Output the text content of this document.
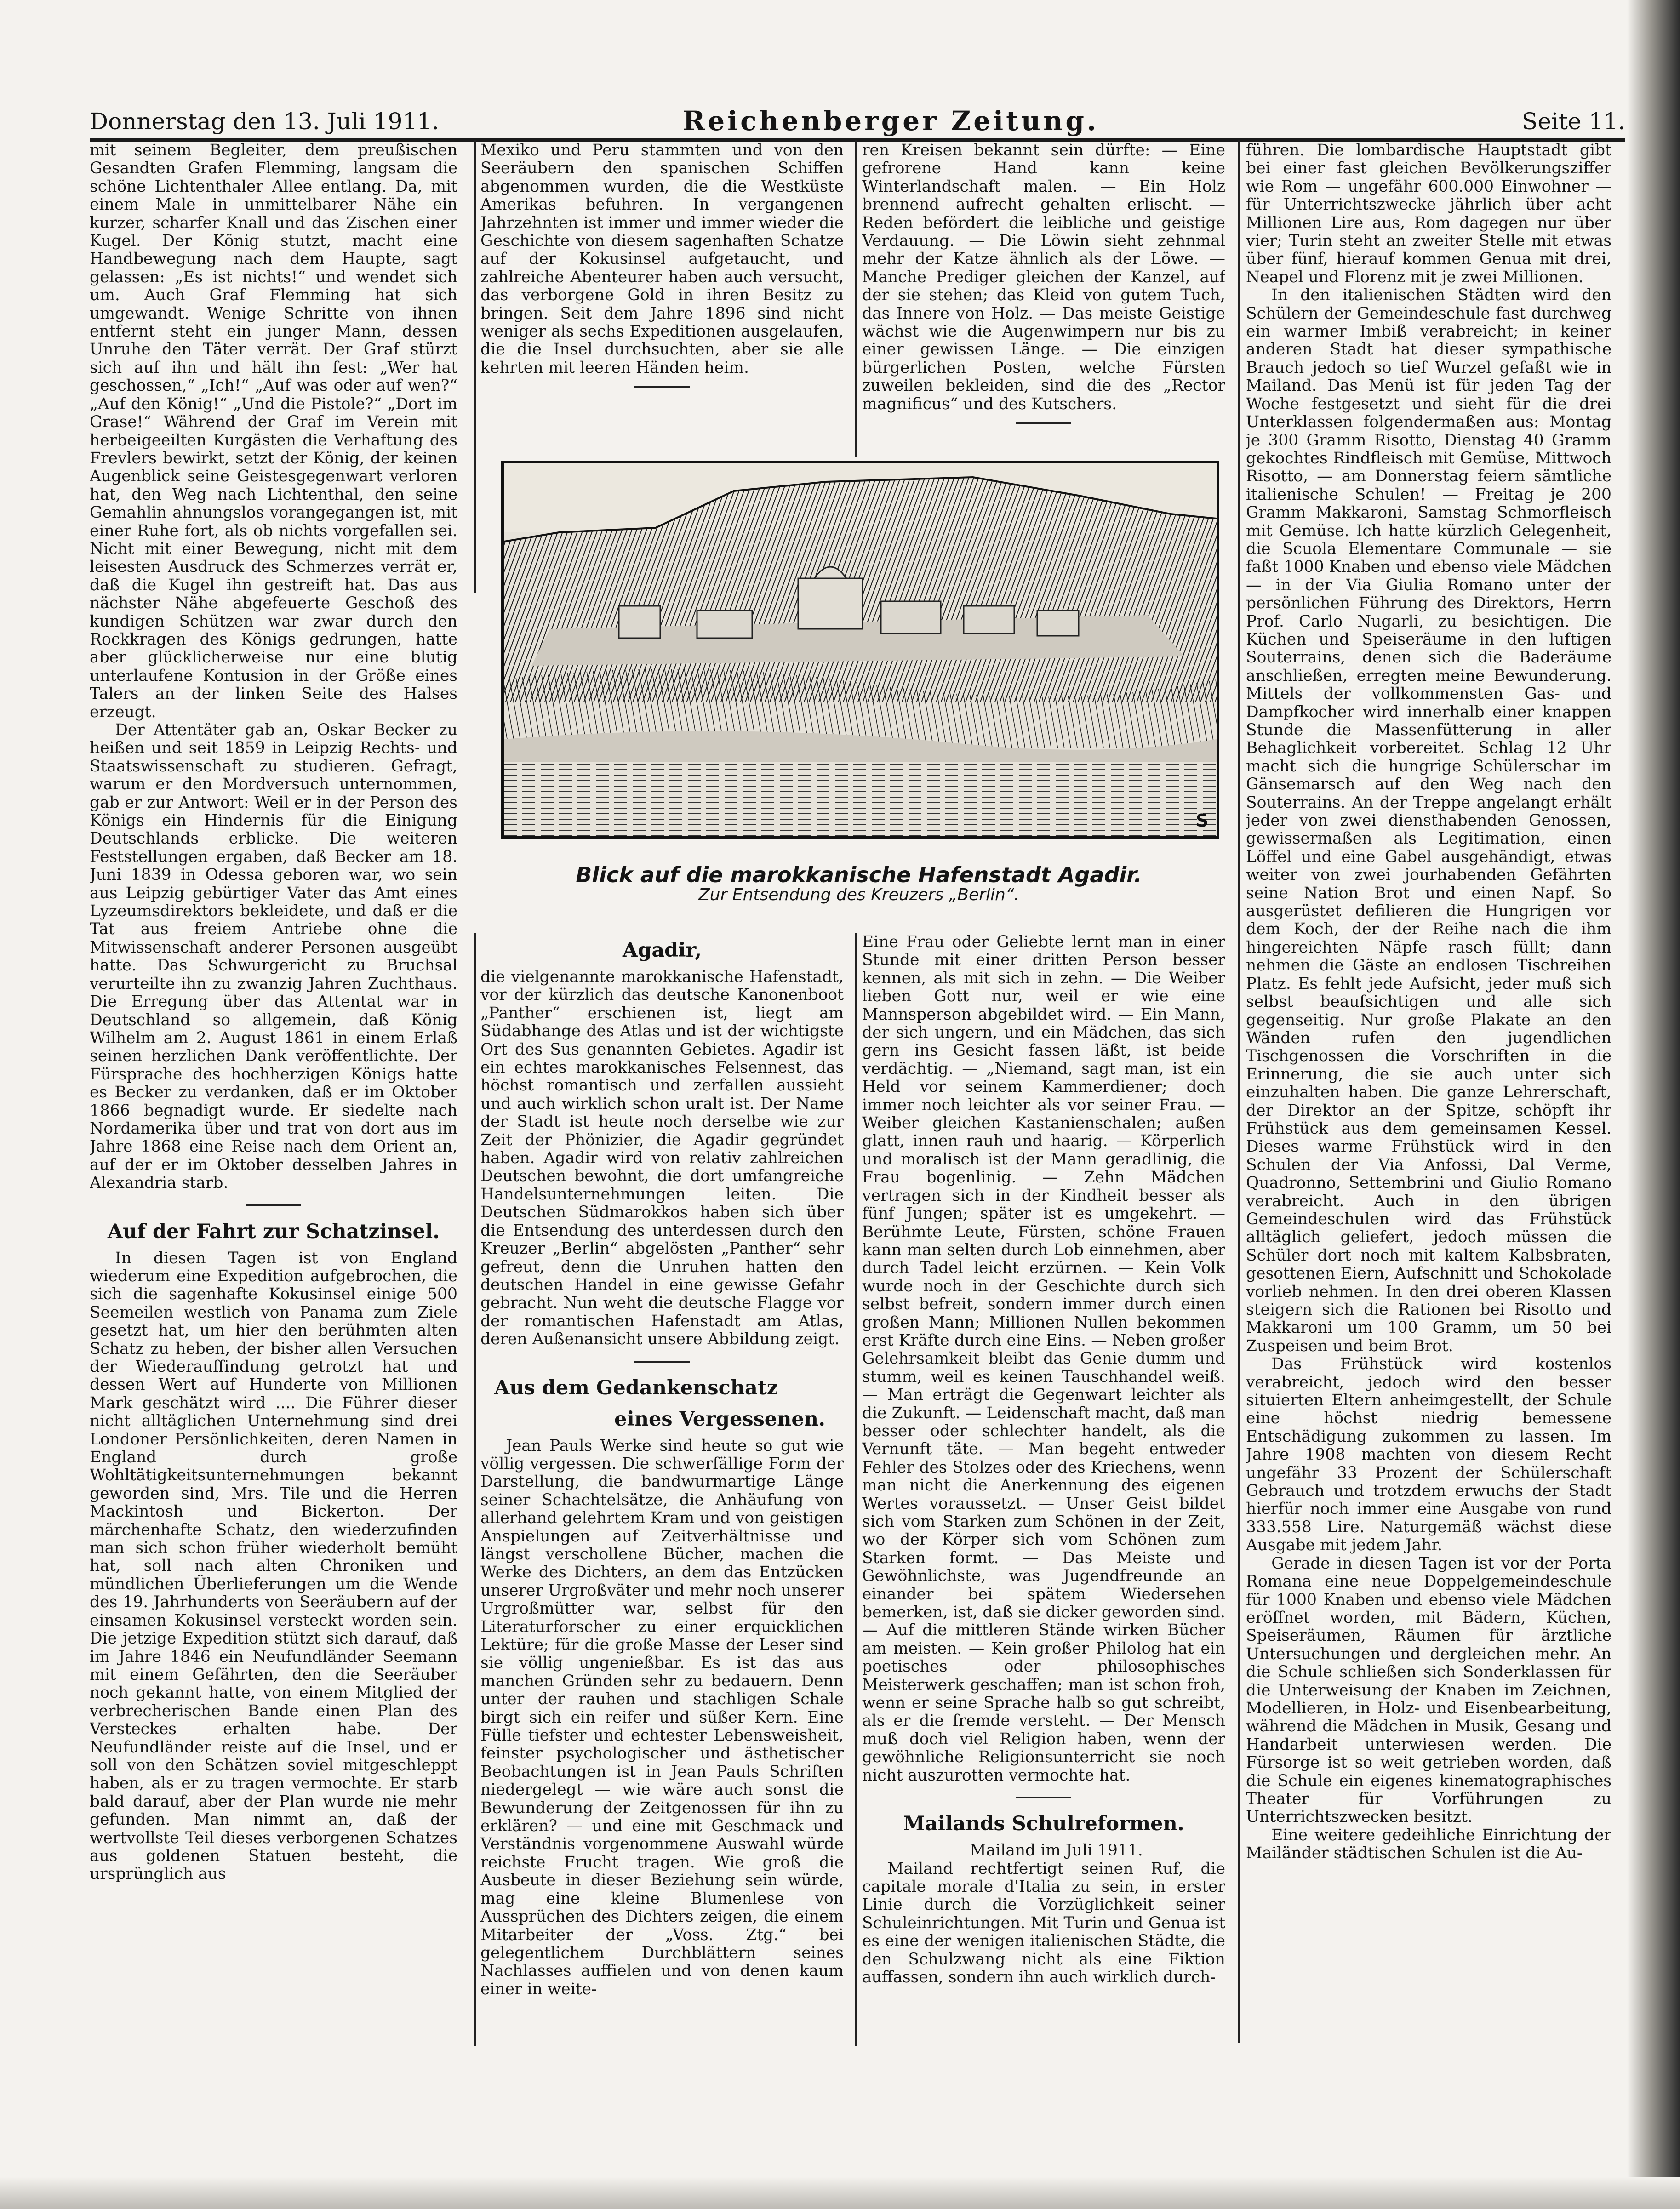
Donnerstag den 13. Juli 1911.	Reichenberger Zeitung.	Seite 11.

mit seinem Begleiter, dem preußischen Gesandten Grafen Flemming, langsam die schöne Lichtenthaler Allee entlang. Da, mit einem Male in unmittelbarer Nähe ein kurzer, scharfer Knall und das Zischen einer Kugel. Der König stutzt, macht eine Handbewegung nach dem Haupte, sagt gelassen: „Es ist nichts!“ und wendet sich um. Auch Graf Flemming hat sich umgewandt. Wenige Schritte von ihnen entfernt steht ein junger Mann, dessen Unruhe den Täter verrät. Der Graf stürzt sich auf ihn und hält ihn fest: „Wer hat geschossen,“ „Ich!“ „Auf was oder auf wen?“ „Auf den König!“ „Und die Pistole?“ „Dort im Grase!“ Während der Graf im Verein mit herbeigeeilten Kurgästen die Verhaftung des Frevlers bewirkt, setzt der König, der keinen Augenblick seine Geistesgegenwart verloren hat, den Weg nach Lichtenthal, den seine Gemahlin ahnungslos vorangegangen ist, mit einer Ruhe fort, als ob nichts vorgefallen sei. Nicht mit einer Bewegung, nicht mit dem leisesten Ausdruck des Schmerzes verrät er, daß die Kugel ihn gestreift hat. Das aus nächster Nähe abgefeuerte Geschoß des kundigen Schützen war zwar durch den Rockkragen des Königs gedrungen, hatte aber glücklicherweise nur eine blutig unterlaufene Kontusion in der Größe eines Talers an der linken Seite des Halses erzeugt.

Der Attentäter gab an, Oskar Becker zu heißen und seit 1859 in Leipzig Rechts- und Staatswissenschaft zu studieren. Gefragt, warum er den Mordversuch unternommen, gab er zur Antwort: Weil er in der Person des Königs ein Hindernis für die Einigung Deutschlands erblicke. Die weiteren Feststellungen ergaben, daß Becker am 18. Juni 1839 in Odessa geboren war, wo sein aus Leipzig gebürtiger Vater das Amt eines Lyzeumsdirektors bekleidete, und daß er die Tat aus freiem Antriebe ohne die Mitwissenschaft anderer Personen ausgeübt hatte. Das Schwurgericht zu Bruchsal verurteilte ihn zu zwanzig Jahren Zuchthaus. Die Erregung über das Attentat war in Deutschland so allgemein, daß König Wilhelm am 2. August 1861 in einem Erlaß seinen herzlichen Dank veröffentlichte. Der Fürsprache des hochherzigen Königs hatte es Becker zu verdanken, daß er im Oktober 1866 begnadigt wurde. Er siedelte nach Nordamerika über und trat von dort aus im Jahre 1868 eine Reise nach dem Orient an, auf der er im Oktober desselben Jahres in Alexandria starb.

Auf der Fahrt zur Schatzinsel.

In diesen Tagen ist von England wiederum eine Expedition aufgebrochen, die sich die sagenhafte Kokusinsel einige 500 Seemeilen westlich von Panama zum Ziele gesetzt hat, um hier den berühmten alten Schatz zu heben, der bisher allen Versuchen der Wiederauffindung getrotzt hat und dessen Wert auf Hunderte von Millionen Mark geschätzt wird .... Die Führer dieser nicht alltäglichen Unternehmung sind drei Londoner Persönlichkeiten, deren Namen in England durch große Wohltätigkeitsunternehmungen bekannt geworden sind, Mrs. Tile und die Herren Mackintosh und Bickerton. Der märchenhafte Schatz, den wiederzufinden man sich schon früher wiederholt bemüht hat, soll nach alten Chroniken und mündlichen Überlieferungen um die Wende des 19. Jahrhunderts von Seeräubern auf der einsamen Kokusinsel versteckt worden sein. Die jetzige Expedition stützt sich darauf, daß im Jahre 1846 ein Neufundländer Seemann mit einem Gefährten, den die Seeräuber noch gekannt hatte, von einem Mitglied der verbrecherischen Bande einen Plan des Versteckes erhalten habe. Der Neufundländer reiste auf die Insel, und er soll von den Schätzen soviel mitgeschleppt haben, als er zu tragen vermochte. Er starb bald darauf, aber der Plan wurde nie mehr gefunden. Man nimmt an, daß der wertvollste Teil dieses verborgenen Schatzes aus goldenen Statuen besteht, die ursprünglich aus

Mexiko und Peru stammten und von den Seeräubern den spanischen Schiffen abgenommen wurden, die die Westküste Amerikas befuhren. In vergangenen Jahrzehnten ist immer und immer wieder die Geschichte von diesem sagenhaften Schatze auf der Kokusinsel aufgetaucht, und zahlreiche Abenteurer haben auch versucht, das verborgene Gold in ihren Besitz zu bringen. Seit dem Jahre 1896 sind nicht weniger als sechs Expeditionen ausgelaufen, die die Insel durchsuchten, aber sie alle kehrten mit leeren Händen heim.

ren Kreisen bekannt sein dürfte: — Eine gefrorene Hand kann keine Winterlandschaft malen. — Ein Holz brennend aufrecht gehalten erlischt. — Reden befördert die leibliche und geistige Verdauung. — Die Löwin sieht zehnmal mehr der Katze ähnlich als der Löwe. — Manche Prediger gleichen der Kanzel, auf der sie stehen; das Kleid von gutem Tuch, das Innere von Holz. — Das meiste Geistige wächst wie die Augenwimpern nur bis zu einer gewissen Länge. — Die einzigen bürgerlichen Posten, welche Fürsten zuweilen bekleiden, sind die des „Rector magnificus“ und des Kutschers.

S
Blick auf die marokkanische Hafenstadt Agadir.
Zur Entsendung des Kreuzers „Berlin“.
Agadir,

die vielgenannte marokkanische Hafenstadt, vor der kürzlich das deutsche Kanonenboot „Panther“ erschienen ist, liegt am Südabhange des Atlas und ist der wichtigste Ort des Sus genannten Gebietes. Agadir ist ein echtes marokkanisches Felsennest, das höchst romantisch und zerfallen aussieht und auch wirklich schon uralt ist. Der Name der Stadt ist heute noch derselbe wie zur Zeit der Phönizier, die Agadir gegründet haben. Agadir wird von relativ zahlreichen Deutschen bewohnt, die dort umfangreiche Handelsunternehmungen leiten. Die Deutschen Südmarokkos haben sich über die Entsendung des unterdessen durch den Kreuzer „Berlin“ abgelösten „Panther“ sehr gefreut, denn die Unruhen hatten den deutschen Handel in eine gewisse Gefahr gebracht. Nun weht die deutsche Flagge vor der romantischen Hafenstadt am Atlas, deren Außenansicht unsere Abbildung zeigt.

Aus dem Gedankenschatz
eines Vergessenen.

Jean Pauls Werke sind heute so gut wie völlig vergessen. Die schwerfällige Form der Darstellung, die bandwurmartige Länge seiner Schachtelsätze, die Anhäufung von allerhand gelehrtem Kram und von geistigen Anspielungen auf Zeitverhältnisse und längst verschollene Bücher, machen die Werke des Dichters, an dem das Entzücken unserer Urgroßväter und mehr noch unserer Urgroßmütter war, selbst für den Literaturforscher zu einer erquicklichen Lektüre; für die große Masse der Leser sind sie völlig ungenießbar. Es ist das aus manchen Gründen sehr zu bedauern. Denn unter der rauhen und stachligen Schale birgt sich ein reifer und süßer Kern. Eine Fülle tiefster und echtester Lebensweisheit, feinster psychologischer und ästhetischer Beobachtungen ist in Jean Pauls Schriften niedergelegt — wie wäre auch sonst die Bewunderung der Zeitgenossen für ihn zu erklären? — und eine mit Geschmack und Verständnis vorgenommene Auswahl würde reichste Frucht tragen. Wie groß die Ausbeute in dieser Beziehung sein würde, mag eine kleine Blumenlese von Aussprüchen des Dichters zeigen, die einem Mitarbeiter der „Voss. Ztg.“ bei gelegentlichem Durchblättern seines Nachlasses auffielen und von denen kaum einer in weite-

Eine Frau oder Geliebte lernt man in einer Stunde mit einer dritten Person besser kennen, als mit sich in zehn. — Die Weiber lieben Gott nur, weil er wie eine Mannsperson abgebildet wird. — Ein Mann, der sich ungern, und ein Mädchen, das sich gern ins Gesicht fassen läßt, ist beide verdächtig. — „Niemand, sagt man, ist ein Held vor seinem Kammerdiener; doch immer noch leichter als vor seiner Frau. — Weiber gleichen Kastanienschalen; außen glatt, innen rauh und haarig. — Körperlich und moralisch ist der Mann geradlinig, die Frau bogenlinig. — Zehn Mädchen vertragen sich in der Kindheit besser als fünf Jungen; später ist es umgekehrt. — Berühmte Leute, Fürsten, schöne Frauen kann man selten durch Lob einnehmen, aber durch Tadel leicht erzürnen. — Kein Volk wurde noch in der Geschichte durch sich selbst befreit, sondern immer durch einen großen Mann; Millionen Nullen bekommen erst Kräfte durch eine Eins. — Neben großer Gelehrsamkeit bleibt das Genie dumm und stumm, weil es keinen Tauschhandel weiß. — Man erträgt die Gegenwart leichter als die Zukunft. — Leidenschaft macht, daß man besser oder schlechter handelt, als die Vernunft täte. — Man begeht entweder Fehler des Stolzes oder des Kriechens, wenn man nicht die Anerkennung des eigenen Wertes voraussetzt. — Unser Geist bildet sich vom Starken zum Schönen in der Zeit, wo der Körper sich vom Schönen zum Starken formt. — Das Meiste und Gewöhnlichste, was Jugendfreunde an einander bei spätem Wiedersehen bemerken, ist, daß sie dicker geworden sind. — Auf die mittleren Stände wirken Bücher am meisten. — Kein großer Philolog hat ein poetisches oder philosophisches Meisterwerk geschaffen; man ist schon froh, wenn er seine Sprache halb so gut schreibt, als er die fremde versteht. — Der Mensch muß doch viel Religion haben, wenn der gewöhnliche Religionsunterricht sie noch nicht auszurotten vermochte hat.

Mailands Schulreformen.

Mailand im Juli 1911.

Mailand rechtfertigt seinen Ruf, die capitale morale d'Italia zu sein, in erster Linie durch die Vorzüglichkeit seiner Schuleinrichtungen. Mit Turin und Genua ist es eine der wenigen italienischen Städte, die den Schulzwang nicht als eine Fiktion auffassen, sondern ihn auch wirklich durch-

führen. Die lombardische Hauptstadt gibt bei einer fast gleichen Bevölkerungsziffer wie Rom — ungefähr 600.000 Einwohner — für Unterrichtszwecke jährlich über acht Millionen Lire aus, Rom dagegen nur über vier; Turin steht an zweiter Stelle mit etwas über fünf, hierauf kommen Genua mit drei, Neapel und Florenz mit je zwei Millionen.

In den italienischen Städten wird den Schülern der Gemeindeschule fast durchweg ein warmer Imbiß verabreicht; in keiner anderen Stadt hat dieser sympathische Brauch jedoch so tief Wurzel gefaßt wie in Mailand. Das Menü ist für jeden Tag der Woche festgesetzt und sieht für die drei Unterklassen folgendermaßen aus: Montag je 300 Gramm Risotto, Dienstag 40 Gramm gekochtes Rindfleisch mit Gemüse, Mittwoch Risotto, — am Donnerstag feiern sämtliche italienische Schulen! — Freitag je 200 Gramm Makkaroni, Samstag Schmorfleisch mit Gemüse. Ich hatte kürzlich Gelegenheit, die Scuola Elementare Communale — sie faßt 1000 Knaben und ebenso viele Mädchen — in der Via Giulia Romano unter der persönlichen Führung des Direktors, Herrn Prof. Carlo Nugarli, zu besichtigen. Die Küchen und Speiseräume in den luftigen Souterrains, denen sich die Baderäume anschließen, erregten meine Bewunderung. Mittels der vollkommensten Gas- und Dampfkocher wird innerhalb einer knappen Stunde die Massenfütterung in aller Behaglichkeit vorbereitet. Schlag 12 Uhr macht sich die hungrige Schülerschar im Gänsemarsch auf den Weg nach den Souterrains. An der Treppe angelangt erhält jeder von zwei diensthabenden Genossen, gewissermaßen als Legitimation, einen Löffel und eine Gabel ausgehändigt, etwas weiter von zwei jourhabenden Gefährten seine Nation Brot und einen Napf. So ausgerüstet defilieren die Hungrigen vor dem Koch, der der Reihe nach die ihm hingereichten Näpfe rasch füllt; dann nehmen die Gäste an endlosen Tischreihen Platz. Es fehlt jede Aufsicht, jeder muß sich selbst beaufsichtigen und alle sich gegenseitig. Nur große Plakate an den Wänden rufen den jugendlichen Tischgenossen die Vorschriften in die Erinnerung, die sie auch unter sich einzuhalten haben. Die ganze Lehrerschaft, der Direktor an der Spitze, schöpft ihr Frühstück aus dem gemeinsamen Kessel. Dieses warme Frühstück wird in den Schulen der Via Anfossi, Dal Verme, Quadronno, Settembrini und Giulio Romano verabreicht. Auch in den übrigen Gemeindeschulen wird das Frühstück alltäglich geliefert, jedoch müssen die Schüler dort noch mit kaltem Kalbsbraten, gesottenen Eiern, Aufschnitt und Schokolade vorlieb nehmen. In den drei oberen Klassen steigern sich die Rationen bei Risotto und Makkaroni um 100 Gramm, um 50 bei Zuspeisen und beim Brot.

Das Frühstück wird kostenlos verabreicht, jedoch wird den besser situierten Eltern anheimgestellt, der Schule eine höchst niedrig bemessene Entschädigung zukommen zu lassen. Im Jahre 1908 machten von diesem Recht ungefähr 33 Prozent der Schülerschaft Gebrauch und trotzdem erwuchs der Stadt hierfür noch immer eine Ausgabe von rund 333.558 Lire. Naturgemäß wächst diese Ausgabe mit jedem Jahr.

Gerade in diesen Tagen ist vor der Porta Romana eine neue Doppelgemeindeschule für 1000 Knaben und ebenso viele Mädchen eröffnet worden, mit Bädern, Küchen, Speiseräumen, Räumen für ärztliche Untersuchungen und dergleichen mehr. An die Schule schließen sich Sonderklassen für die Unterweisung der Knaben im Zeichnen, Modellieren, in Holz- und Eisenbearbeitung, während die Mädchen in Musik, Gesang und Handarbeit unterwiesen werden. Die Fürsorge ist so weit getrieben worden, daß die Schule ein eigenes kinematographisches Theater für Vorführungen zu Unterrichtszwecken besitzt.

Eine weitere gedeihliche Einrichtung der Mailänder städtischen Schulen ist die Au-
